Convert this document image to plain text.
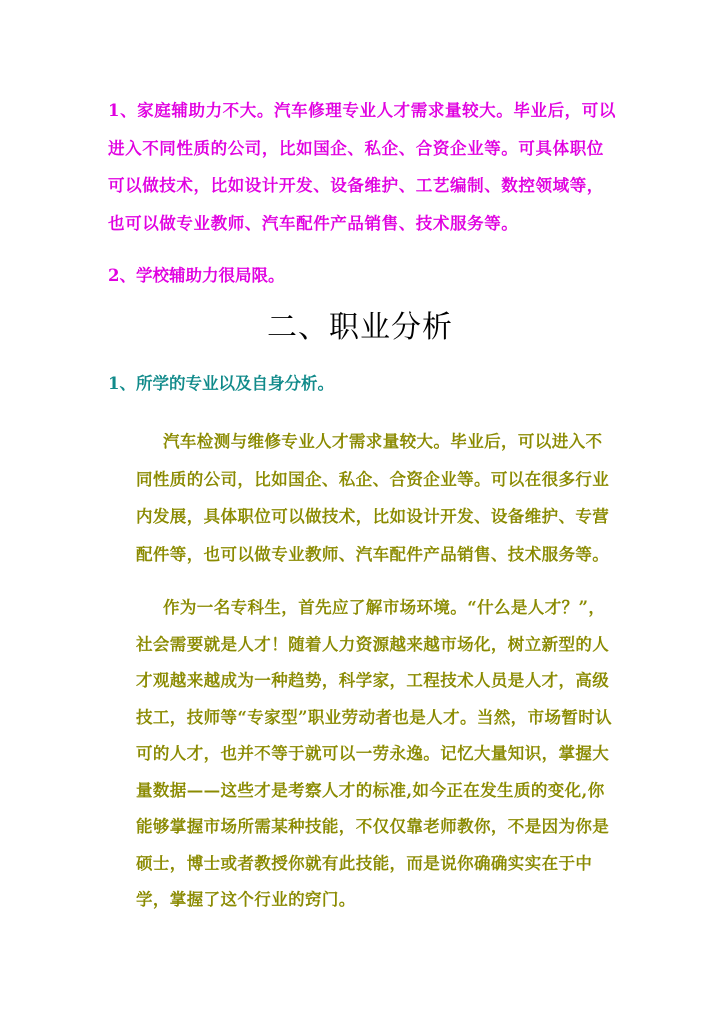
1、家庭辅助力不大。汽车修理专业人才需求量较大。毕业后，可以进入不同性质的公司，比如国企、私企、合资企业等。可具体职位可以做技术，比如设计开发、设备维护、工艺编制、数控领域等，也可以做专业教师、汽车配件产品销售、技术服务等。

2、学校辅助力很局限。

二、职业分析

1、所学的专业以及自身分析。

汽车检测与维修专业人才需求量较大。毕业后，可以进入不同性质的公司，比如国企、私企、合资企业等。可以在很多行业内发展，具体职位可以做技术，比如设计开发、设备维护、专营配件等，也可以做专业教师、汽车配件产品销售、技术服务等。

作为一名专科生，首先应了解市场环境。“什么是人才？”，社会需要就是人才！随着人力资源越来越市场化，树立新型的人才观越来越成为一种趋势，科学家，工程技术人员是人才，高级技工，技师等“专家型”职业劳动者也是人才。当然，市场暂时认可的人才，也并不等于就可以一劳永逸。记忆大量知识，掌握大量数据——这些才是考察人才的标准,如今正在发生质的变化,你能够掌握市场所需某种技能，不仅仅靠老师教你，不是因为你是硕士，博士或者教授你就有此技能，而是说你确确实实在于中学，掌握了这个行业的窍门。
